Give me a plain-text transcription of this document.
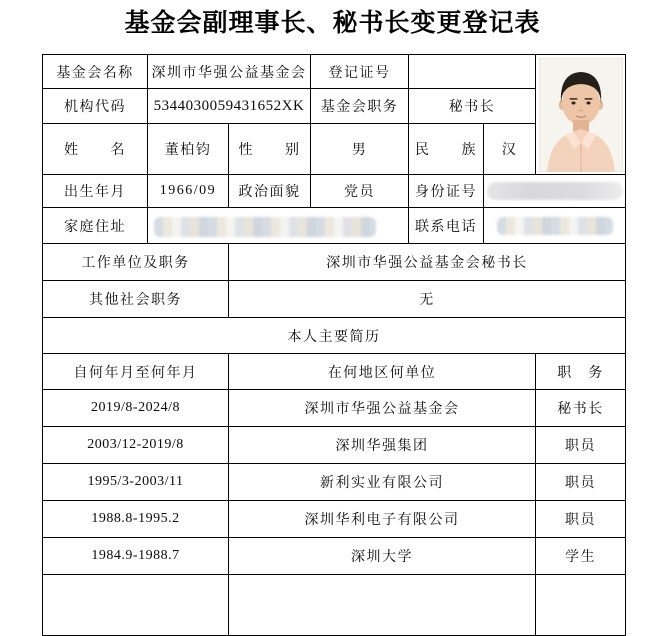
基金会副理事长、秘书长变更登记表
基金会名称	深圳市华强公益基金会		登记证号		

机构代码	5344030059431652XK		基金会职务	秘书长		
姓　　名	董柏钧	性　　别	男	民　　族	汉	
出生年月	1966/09	政治面貌	党员	身份证号		

家庭住址				联系电话		

工作单位及职务		深圳市华强公益基金会秘书长				
其他社会职务		无				
本人主要简历						
自何年月至何年月		在何地区何单位				职　务
2019/8-2024/8		深圳市华强公益基金会				秘书长
2003/12-2019/8		深圳华强集团				职员
1995/3-2003/11		新利实业有限公司				职员
1988.8-1995.2		深圳华利电子有限公司				职员
1984.9-1988.7		深圳大学				学生
